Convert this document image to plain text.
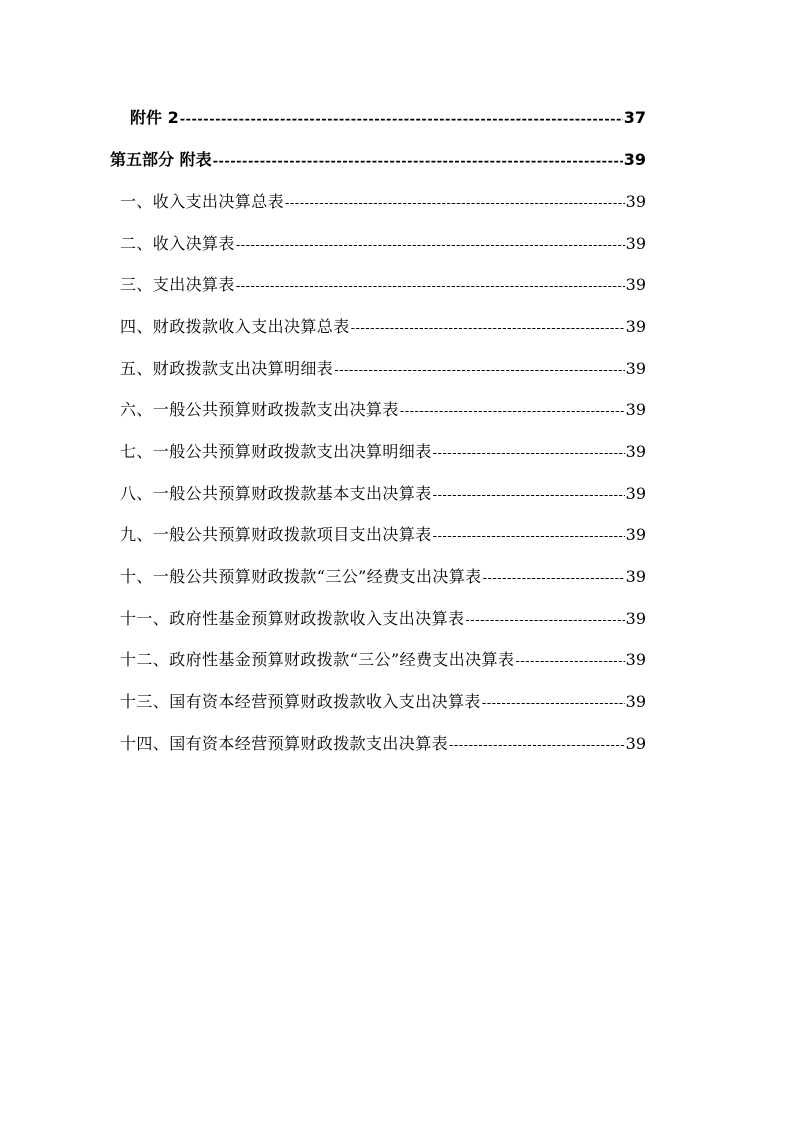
附件 2 -----	37
第五部分 附表 -----	39
一、收入支出决算总表 -----	39
二、收入决算表 -----	39
三、支出决算表 -----	39
四、财政拨款收入支出决算总表 -----	39
五、财政拨款支出决算明细表 -----	39
六、一般公共预算财政拨款支出决算表 -----	39
七、一般公共预算财政拨款支出决算明细表 -----	39
八、一般公共预算财政拨款基本支出决算表 -----	39
九、一般公共预算财政拨款项目支出决算表 -----	39
十、一般公共预算财政拨款“三公”经费支出决算表 -----	39
十一、政府性基金预算财政拨款收入支出决算表 -----	39
十二、政府性基金预算财政拨款“三公”经费支出决算表 -----	39
十三、国有资本经营预算财政拨款收入支出决算表 -----	39
十四、国有资本经营预算财政拨款支出决算表 -----	39
